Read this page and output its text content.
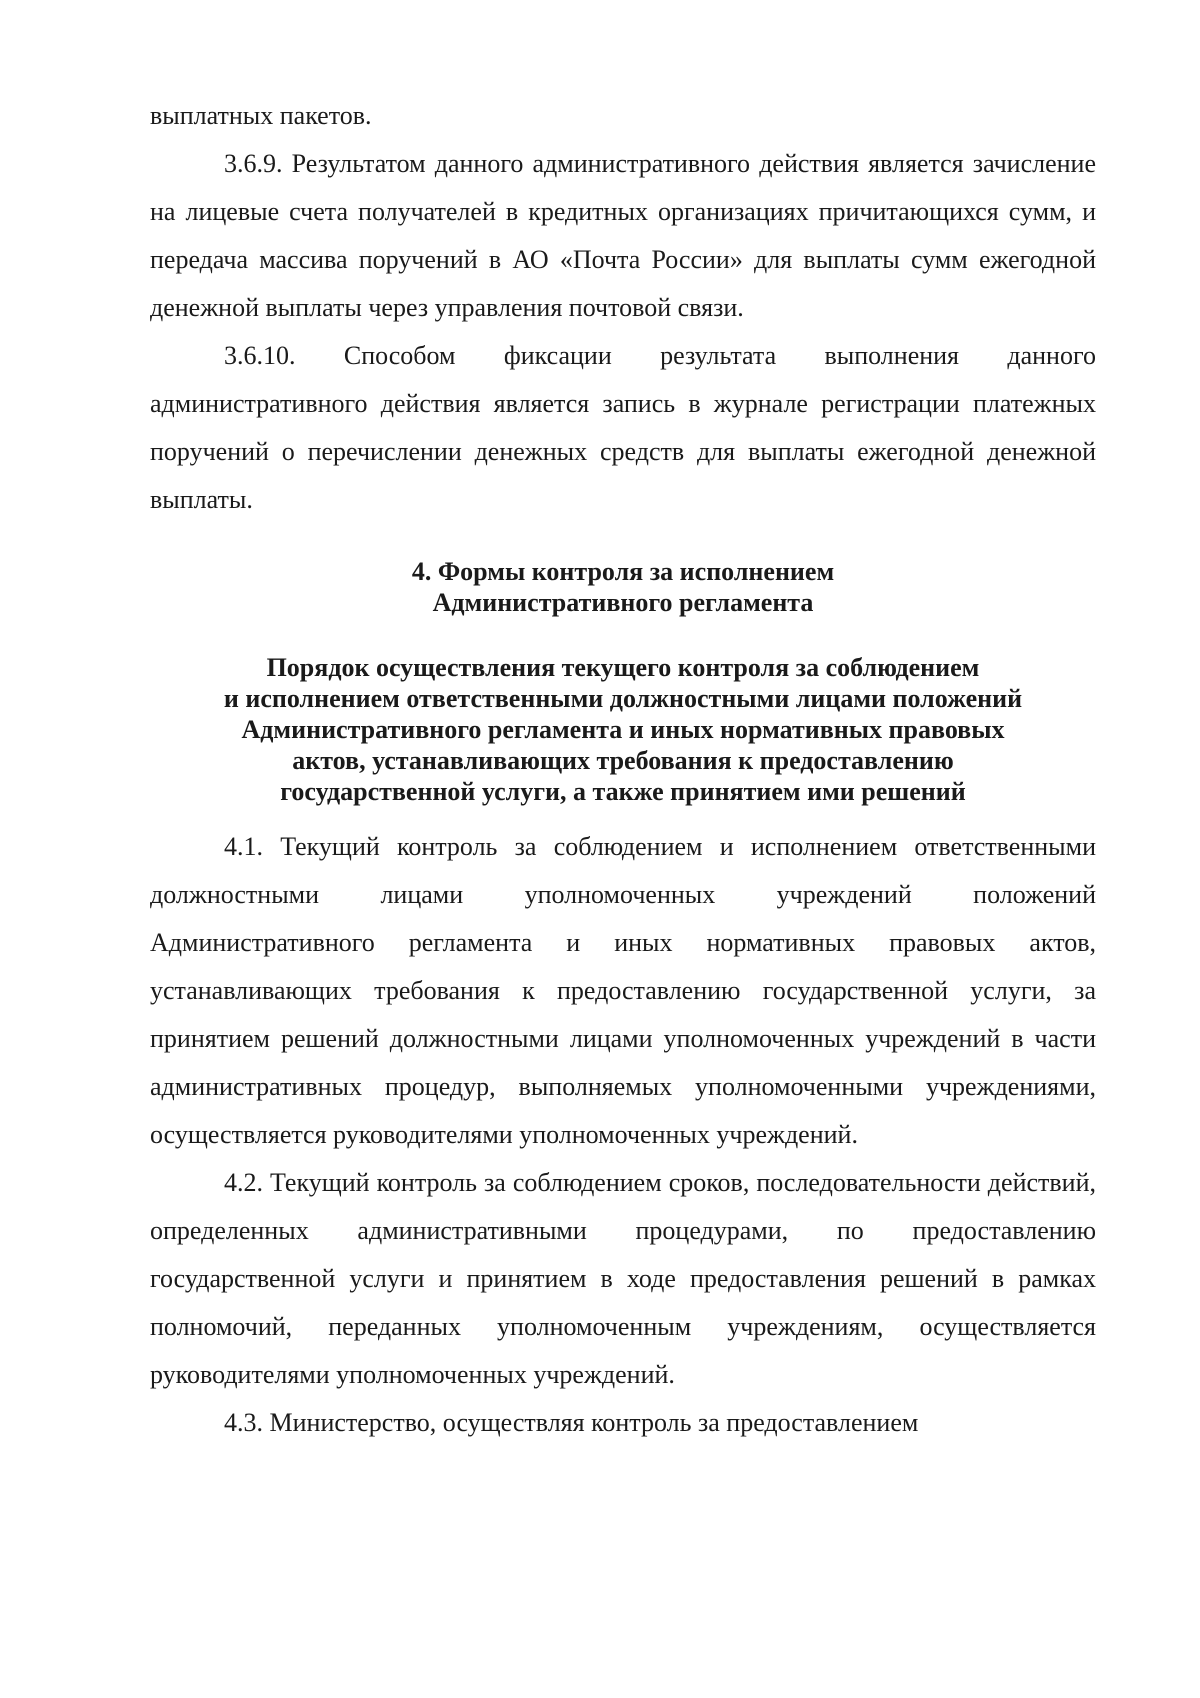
выплатных пакетов.

3.6.9. Результатом данного административного действия является зачисление на лицевые счета получателей в кредитных организациях причитающихся сумм, и передача массива поручений в АО «Почта России» для выплаты сумм ежегодной денежной выплаты через управления почтовой связи.

3.6.10. Способом фиксации результата выполнения данного административного действия является запись в журнале регистрации платежных поручений о перечислении денежных средств для выплаты ежегодной денежной выплаты.

4. Формы контроля за исполнением
Административного регламента
Порядок осуществления текущего контроля за соблюдением
и исполнением ответственными должностными лицами положений
Административного регламента и иных нормативных правовых
актов, устанавливающих требования к предоставлению
государственной услуги, а также принятием ими решений

4.1. Текущий контроль за соблюдением и исполнением ответственными должностными лицами уполномоченных учреждений положений Административного регламента и иных нормативных правовых актов, устанавливающих требования к предоставлению государственной услуги, за принятием решений должностными лицами уполномоченных учреждений в части административных процедур, выполняемых уполномоченными учреждениями, осуществляется руководителями уполномоченных учреждений.

4.2. Текущий контроль за соблюдением сроков, последовательности действий, определенных административными процедурами, по предоставлению государственной услуги и принятием в ходе предоставления решений в рамках полномочий, переданных уполномоченным учреждениям, осуществляется руководителями уполномоченных учреждений.

4.3. Министерство, осуществляя контроль за предоставлением
